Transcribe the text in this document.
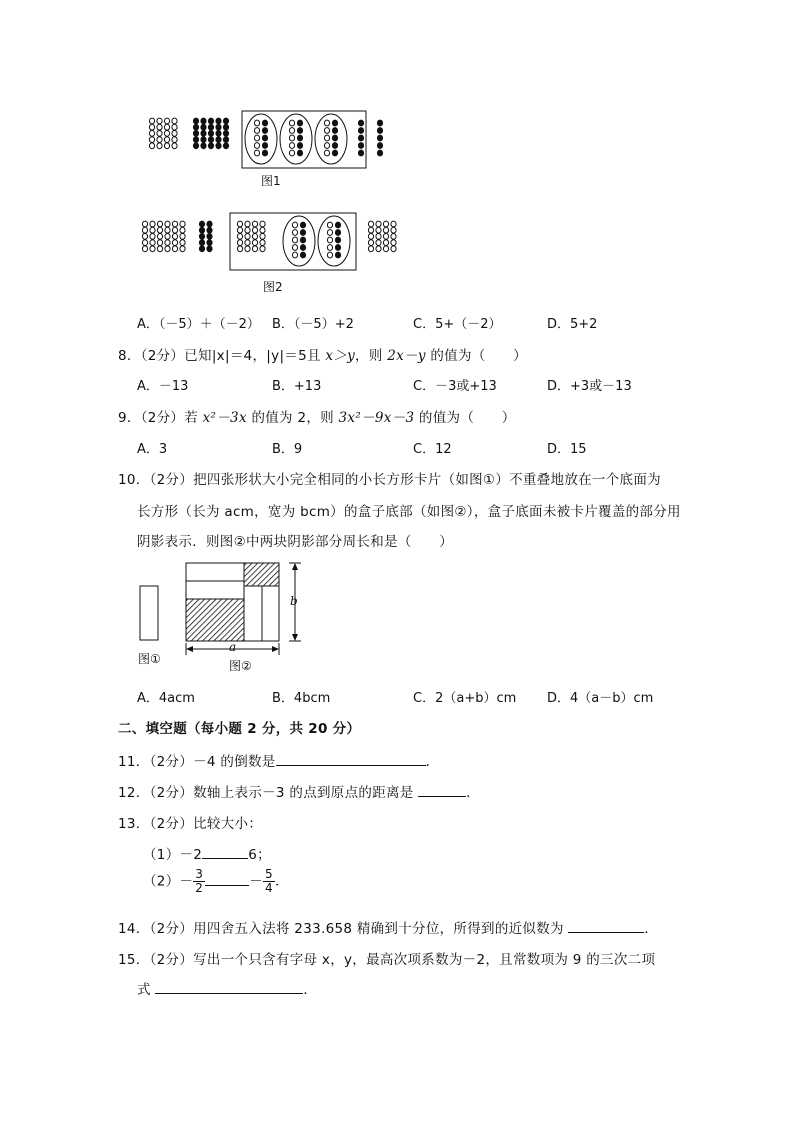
图1
图2
A．（－5）＋（－2） B．（－5）+2	C．5+（－2）	D．5+2
8．（2分）已知|x|＝4，|y|＝5且 x＞y，则 2x－y 的值为（　　）
A．－13	B．+13	C．－3或+13	D．+3或－13
9．（2分）若 x²－3x 的值为 2，则 3x²－9x－3 的值为（　　）
A．3	B．9	C．12	D．15
10．（2分）把四张形状大小完全相同的小长方形卡片（如图①）不重叠地放在一个底面为
长方形（长为 acm，宽为 bcm）的盒子底部（如图②），盒子底面未被卡片覆盖的部分用
阴影表示．则图②中两块阴影部分周长和是（　　）
图①
b
a
图②
A．4acm	B．4bcm	C．2（a+b）cm D．4（a－b）cm
二、填空题（每小题 2 分，共 20 分）
11．（2分）－4 的倒数是	．
12．（2分）数轴上表示－3 的点到原点的距离是	．
13．（2分）比较大小：
（1）－2	6；
$(2)- \frac{3}{2}$	－ $\frac{5}{4}$ ．
14．（2分）用四舍五入法将 233.658 精确到十分位，所得到的近似数为	．
15．（2分）写出一个只含有字母 x，y，最高次项系数为－2，且常数项为 9 的三次二项
式	．
